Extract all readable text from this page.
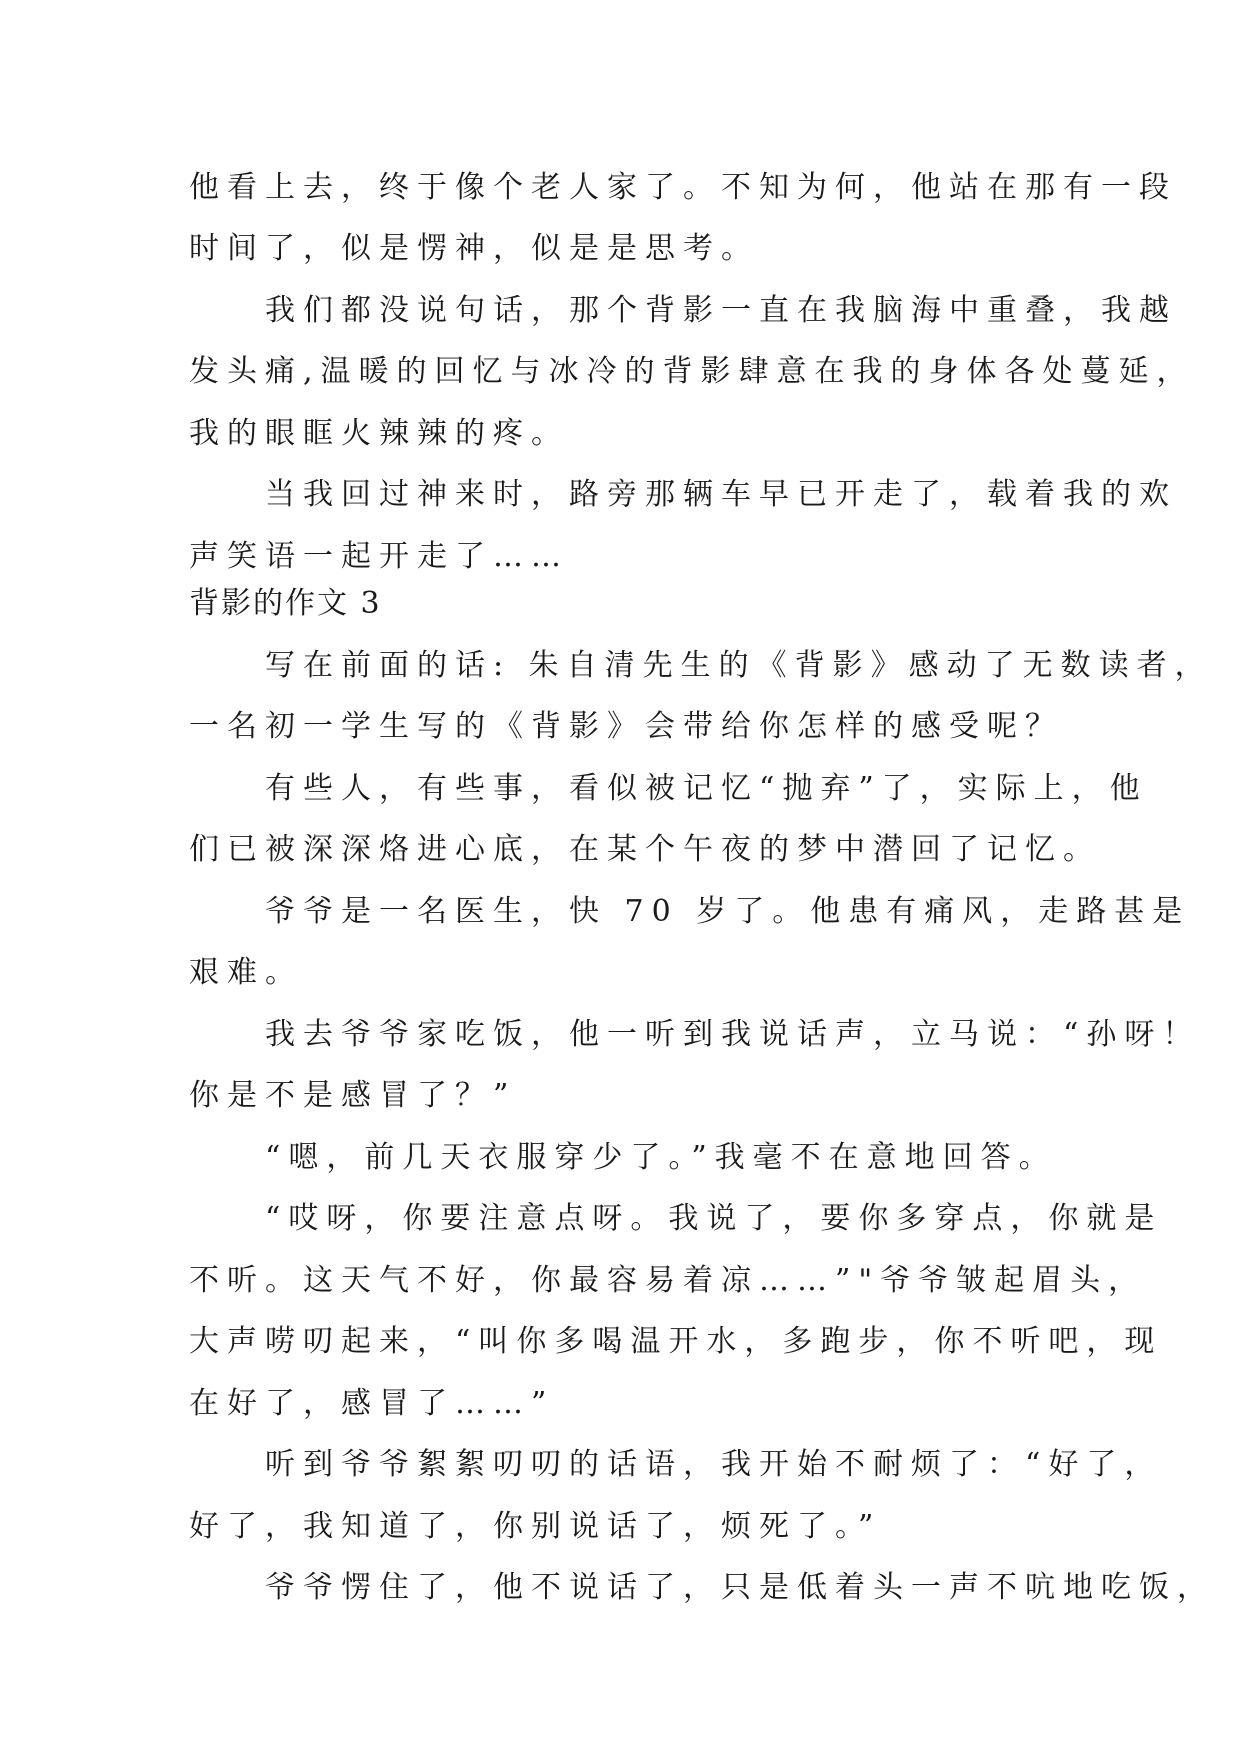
他看上去，终于像个老人家了。不知为何，他站在那有一段
时间了，似是愣神，似是是思考。
　　我们都没说句话，那个背影一直在我脑海中重叠，我越
发头痛,温暖的回忆与冰冷的背影肆意在我的身体各处蔓延，
我的眼眶火辣辣的疼。
　　当我回过神来时，路旁那辆车早已开走了，载着我的欢
声笑语一起开走了……
背影的作文 3
　　写在前面的话: 朱自清先生的《背影》感动了无数读者，
一名初一学生写的《背影》会带给你怎样的感受呢？
　　有些人，有些事，看似被记忆“抛弃”了，实际上，他
们已被深深烙进心底，在某个午夜的梦中潜回了记忆。
　　爷爷是一名医生，快 70 岁了。他患有痛风，走路甚是
艰难。
　　我去爷爷家吃饭，他一听到我说话声，立马说：“孙呀！
你是不是感冒了？”
　　“嗯，前几天衣服穿少了。”我毫不在意地回答。
　　“哎呀，你要注意点呀。我说了，要你多穿点，你就是
不听。这天气不好，你最容易着凉……”"爷爷皱起眉头，
大声唠叨起来，“叫你多喝温开水，多跑步，你不听吧，现
在好了，感冒了……”
　　听到爷爷絮絮叨叨的话语，我开始不耐烦了：“好了，
好了，我知道了，你别说话了，烦死了。”
　　爷爷愣住了，他不说话了，只是低着头一声不吭地吃饭，
